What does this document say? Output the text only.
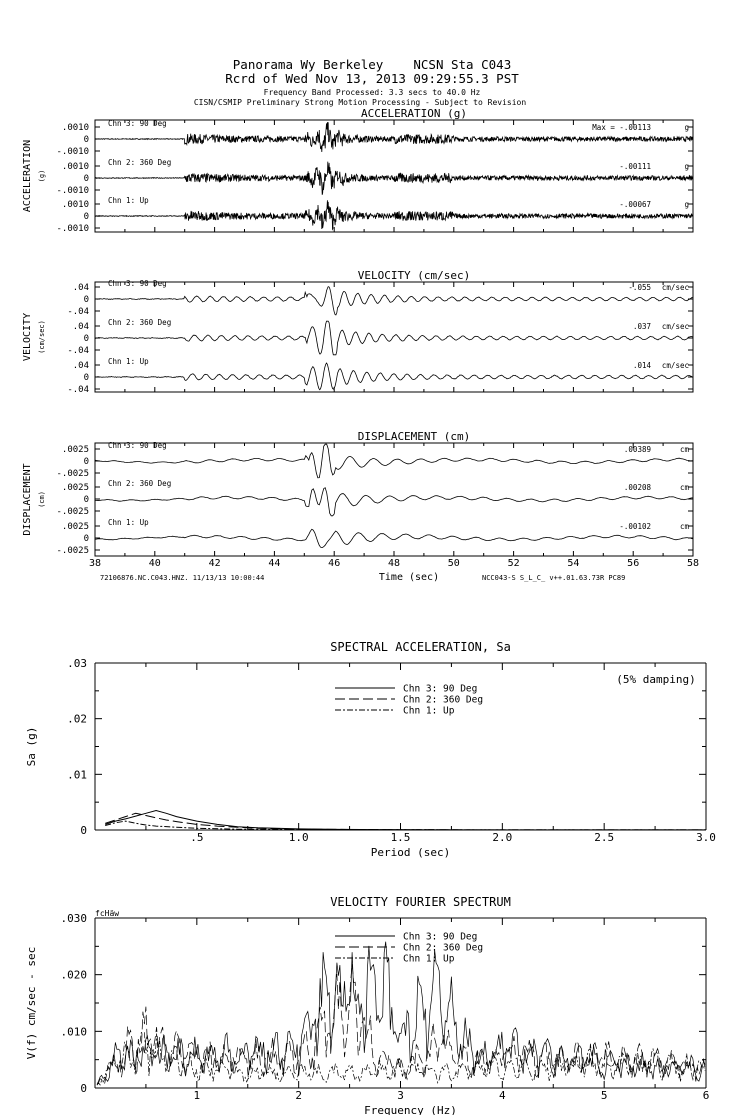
Panorama Wy Berkeley    NCSN Sta C043
Rcrd of Wed Nov 13, 2013 09:29:55.3 PST
Frequency Band Processed: 3.3 secs to 40.0 Hz
CISN/CSMIP Preliminary Strong Motion Processing - Subject to Revision
ACCELERATION (g)
ACCELERATION (g)
.0010
0
-.0010
Chn 3: 90 Deg	Max = -.00113	g
.0010
0
-.0010
Chn 2: 360 Deg	-.00111	g
.0010
0
-.0010
Chn 1: Up	-.00067	g
VELOCITY (cm/sec)
VELOCITY (cm/sec)
.04
0
-.04
Chn 3: 90 Deg	-.055 cm/sec
.04
0
-.04
Chn 2: 360 Deg	.037 cm/sec
.04
0
-.04
Chn 1: Up	.014 cm/sec
DISPLACEMENT (cm)
DISPLACEMENT (cm)
.0025
0
-.0025
Chn 3: 90 Deg	.00389	cm
.0025
0
-.0025
Chn 2: 360 Deg	.00208	cm
.0025
0
-.0025
Chn 1: Up	-.00102	cm
38	40	42	44	46	48	50	52	54	56	58
Time (sec)
72106876.NC.C043.HNZ. 11/13/13 10:00:44	NCC043-S S_L_C_ v++.01.63.73R PC89
SPECTRAL ACCELERATION, Sa
.5	1.0	1.5	2.0	2.5	3.0
0
.01
.02
.03
Period (sec)
Sa (g)
(5% damping)
Chn 3: 90 Deg
Chn 2: 360 Deg
Chn 1: Up
VELOCITY FOURIER SPECTRUM
1	2	3	4	5	6
0
.010
.020
.030
Frequency (Hz)
V(f) cm/sec - sec
fcHäw
Chn 3: 90 Deg
Chn 2: 360 Deg
Chn 1: Up
